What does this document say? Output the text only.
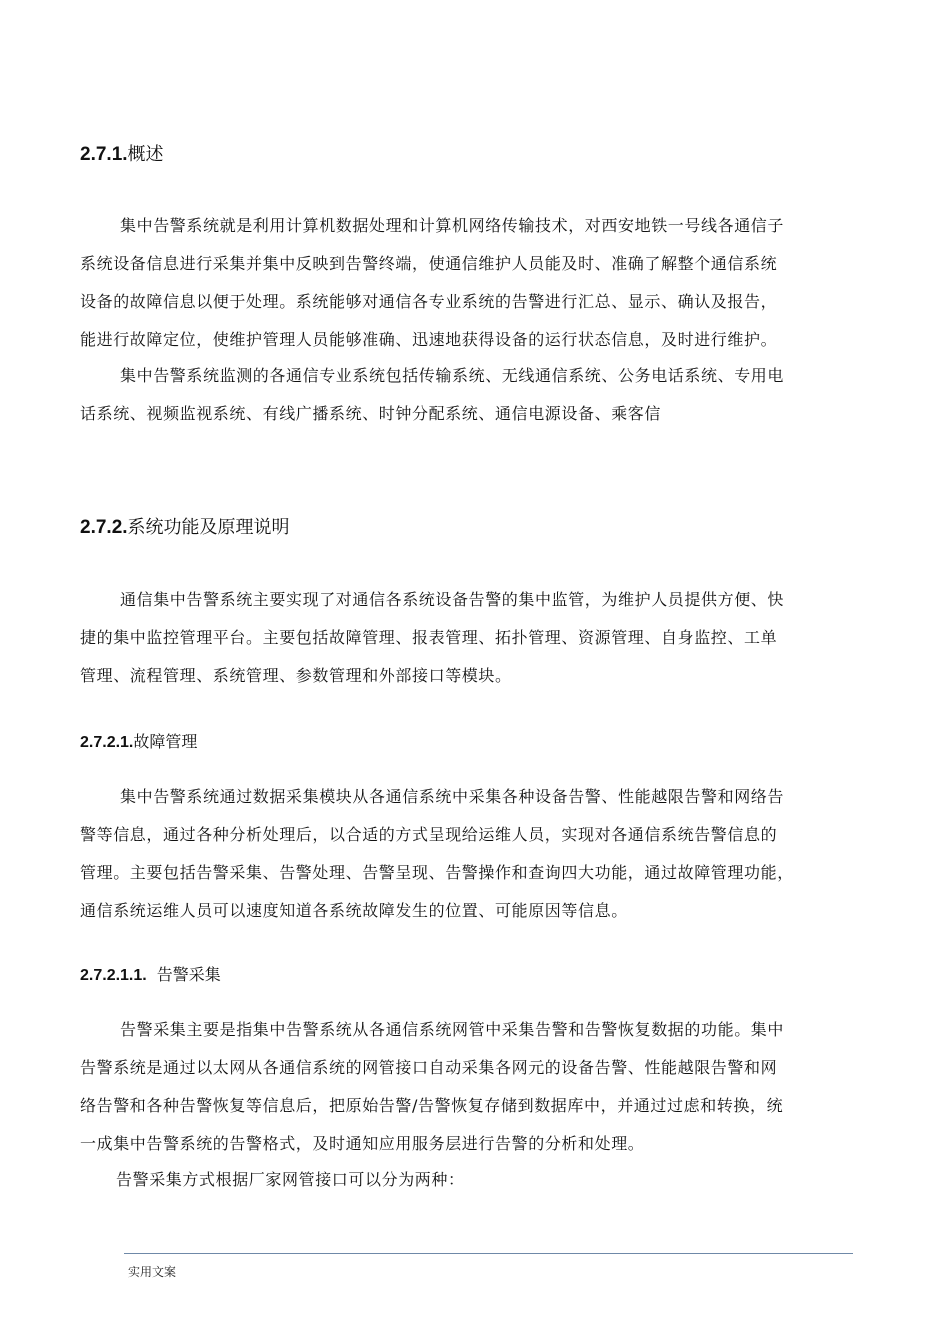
2.7.1.概述
集中告警系统就是利用计算机数据处理和计算机网络传输技术，对西安地铁一号线各通信子
系统设备信息进行采集并集中反映到告警终端，使通信维护人员能及时、准确了解整个通信系统
设备的故障信息以便于处理。系统能够对通信各专业系统的告警进行汇总、显示、确认及报告，
能进行故障定位，使维护管理人员能够准确、迅速地获得设备的运行状态信息，及时进行维护。
集中告警系统监测的各通信专业系统包括传输系统、无线通信系统、公务电话系统、专用电
话系统、视频监视系统、有线广播系统、时钟分配系统、通信电源设备、乘客信
2.7.2.系统功能及原理说明
通信集中告警系统主要实现了对通信各系统设备告警的集中监管，为维护人员提供方便、快
捷的集中监控管理平台。主要包括故障管理、报表管理、拓扑管理、资源管理、自身监控、工单
管理、流程管理、系统管理、参数管理和外部接口等模块。
2.7.2.1.故障管理
集中告警系统通过数据采集模块从各通信系统中采集各种设备告警、性能越限告警和网络告
警等信息，通过各种分析处理后，以合适的方式呈现给运维人员，实现对各通信系统告警信息的
管理。主要包括告警采集、告警处理、告警呈现、告警操作和查询四大功能，通过故障管理功能，
通信系统运维人员可以速度知道各系统故障发生的位置、可能原因等信息。
2.7.2.1.1. 告警采集
告警采集主要是指集中告警系统从各通信系统网管中采集告警和告警恢复数据的功能。集中
告警系统是通过以太网从各通信系统的网管接口自动采集各网元的设备告警、性能越限告警和网
络告警和各种告警恢复等信息后，把原始告警/告警恢复存储到数据库中，并通过过虑和转换，统
一成集中告警系统的告警格式，及时通知应用服务层进行告警的分析和处理。
告警采集方式根据厂家网管接口可以分为两种：
实用文案
